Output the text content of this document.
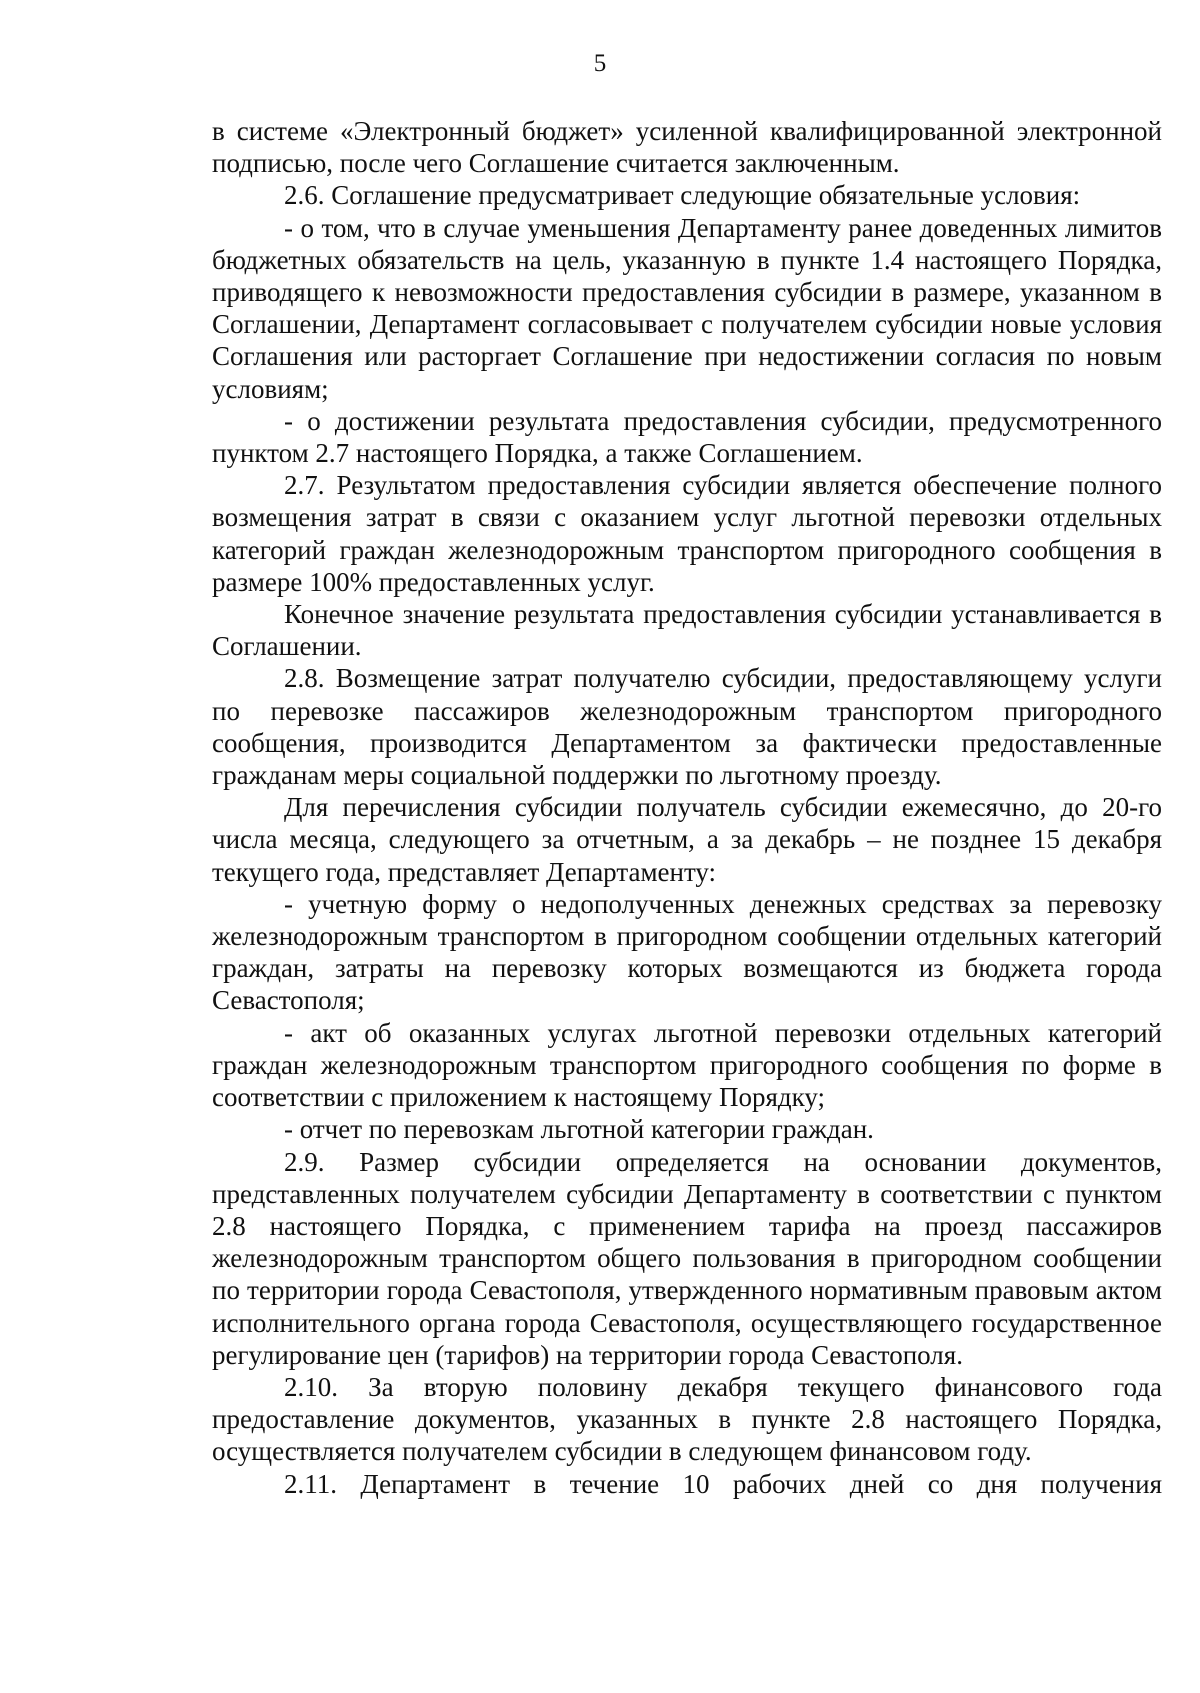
5

в системе «Электронный бюджет» усиленной квалифицированной электронной подписью, после чего Соглашение считается заключенным.

2.6. Соглашение предусматривает следующие обязательные условия:

- о том, что в случае уменьшения Департаменту ранее доведенных лимитов бюджетных обязательств на цель, указанную в пункте 1.4 настоящего Порядка, приводящего к невозможности предоставления субсидии в размере, указанном в Соглашении, Департамент согласовывает с получателем субсидии новые условия Соглашения или расторгает Соглашение при недостижении согласия по новым условиям;

- о достижении результата предоставления субсидии, предусмотренного пунктом 2.7 настоящего Порядка, а также Соглашением.

2.7. Результатом предоставления субсидии является обеспечение полного возмещения затрат в связи с оказанием услуг льготной перевозки отдельных категорий граждан железнодорожным транспортом пригородного сообщения в размере 100% предоставленных услуг.

Конечное значение результата предоставления субсидии устанавливается в Соглашении.

2.8. Возмещение затрат получателю субсидии, предоставляющему услуги по перевозке пассажиров железнодорожным транспортом пригородного сообщения, производится Департаментом за фактически предоставленные гражданам меры социальной поддержки по льготному проезду.

Для перечисления субсидии получатель субсидии ежемесячно, до 20-го числа месяца, следующего за отчетным, а за декабрь – не позднее 15 декабря текущего года, представляет Департаменту:

- учетную форму о недополученных денежных средствах за перевозку железнодорожным транспортом в пригородном сообщении отдельных категорий граждан, затраты на перевозку которых возмещаются из бюджета города Севастополя;

- акт об оказанных услугах льготной перевозки отдельных категорий граждан железнодорожным транспортом пригородного сообщения по форме в соответствии с приложением к настоящему Порядку;

- отчет по перевозкам льготной категории граждан.

2.9. Размер субсидии определяется на основании документов, представленных получателем субсидии Департаменту в соответствии с пунктом 2.8 настоящего Порядка, с применением тарифа на проезд пассажиров железнодорожным транспортом общего пользования в пригородном сообщении по территории города Севастополя, утвержденного нормативным правовым актом исполнительного органа города Севастополя, осуществляющего государственное регулирование цен (тарифов) на территории города Севастополя.

2.10. За вторую половину декабря текущего финансового года предоставление документов, указанных в пункте 2.8 настоящего Порядка, осуществляется получателем субсидии в следующем финансовом году.

2.11. Департамент в течение 10 рабочих дней со дня получения
